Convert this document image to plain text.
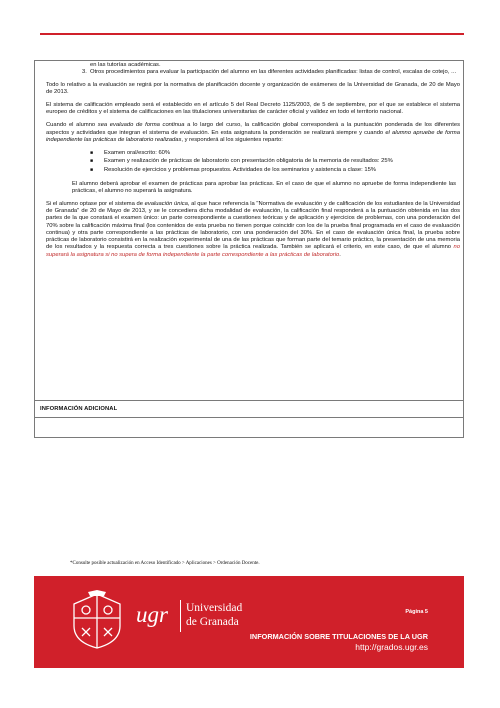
en las tutorías académicas.

3. Otros procedimientos para evaluar la participación del alumno en las diferentes actividades planificadas: listas de control, escalas de cotejo, …

Todo lo relativo a la evaluación se regirá por la normativa de planificación docente y organización de exámenes de la Universidad de Granada, de 20 de Mayo de 2013.

El sistema de calificación empleado será el establecido en el artículo 5 del Real Decreto 1125/2003, de 5 de septiembre, por el que se establece el sistema europeo de créditos y el sistema de calificaciones en las titulaciones universitarias de carácter oficial y validez en todo el territorio nacional.

Cuando el alumno sea evaluado de forma continua a lo largo del curso, la calificación global corresponderá a la puntuación ponderada de los diferentes aspectos y actividades que integran el sistema de evaluación. En esta asignatura la ponderación se realizará siempre y cuando el alumno apruebe de forma independiente las prácticas de laboratorio realizadas, y responderá al los siguientes reparto:

■ Examen oral/escrito: 60%
■ Examen y realización de prácticas de laboratorio con presentación obligatoria de la memoria de resultados: 25%
■ Resolución de ejercicios y problemas propuestos. Actividades de los seminarios y asistencia a clase: 15%

El alumno deberá aprobar el examen de prácticas para aprobar las prácticas. En el caso de que el alumno no apruebe de forma independiente las prácticas, el alumno no superará la asignatura.

Si el alumno optase por el sistema de evaluación única, al que hace referencia la "Normativa de evaluación y de calificación de los estudiantes de la Universidad de Granada" de 20 de Mayo de 2013, y se le concediera dicha modalidad de evaluación, la calificación final responderá a la puntuación obtenida en las dos partes de la que constará el examen único: un parte correspondiente a cuestiones teóricas y de aplicación y ejercicios de problemas, con una ponderación del 70% sobre la calificación máxima final (los contenidos de esta prueba no tienen porque coincidir con los de la prueba final programada en el caso de evaluación continua) y otra parte correspondiente a las prácticas de laboratorio, con una ponderación del 30%. En el caso de evaluación única final, la prueba sobre prácticas de laboratorio consistirá en la realización experimental de una de las prácticas que forman parte del temario práctico, la presentación de una memoria de los resultados y la respuesta correcta a tres cuestiones sobre la práctica realizada. También se aplicará el criterio, en este caso, de que el alumno no superará la asignatura si no supera de forma independiente la parte correspondiente a las prácticas de laboratorio.

INFORMACIÓN ADICIONAL
*Consulte posible actualización en Acceso Identificado > Aplicaciones > Ordenación Docente.
ugr Universidad
de Granada
Página 5
INFORMACIÓN SOBRE TITULACIONES DE LA UGR
http://grados.ugr.es
